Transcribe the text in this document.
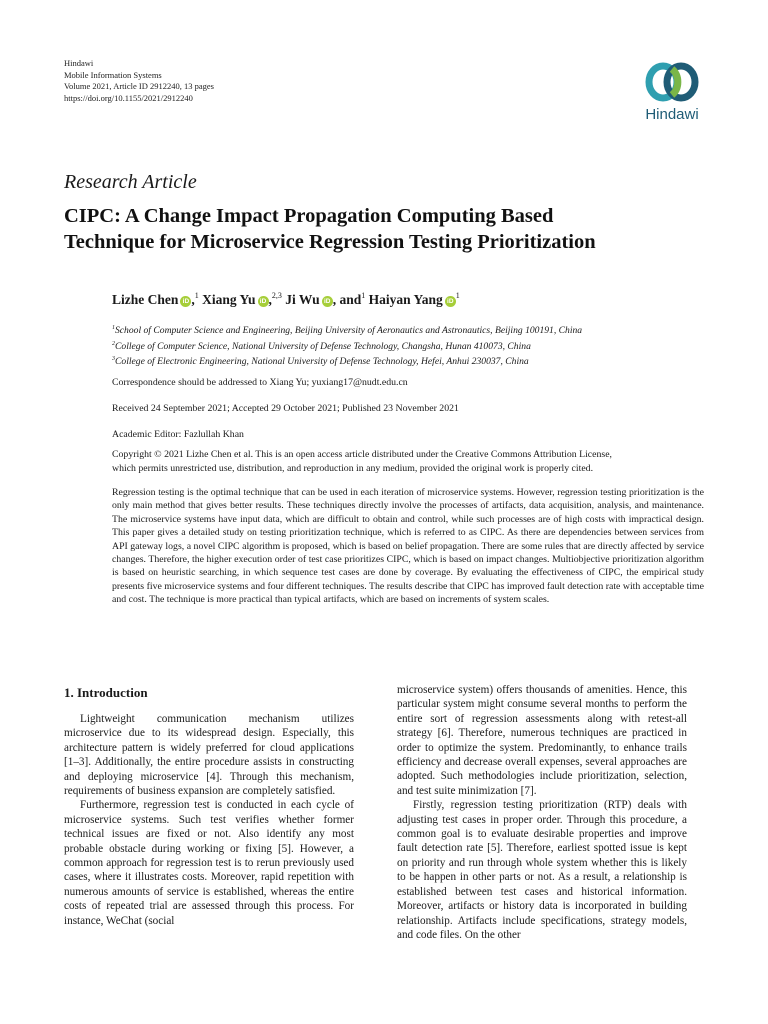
Hindawi
Mobile Information Systems
Volume 2021, Article ID 2912240, 13 pages
https://doi.org/10.1155/2021/2912240
Hindawi
Research Article
CIPC: A Change Impact Propagation Computing Based
Technique for Microservice Regression Testing Prioritization
Lizhe Chen iD ,$^1$ Xiang Yu iD ,$^{2,3}$ Ji Wu iD , and$^1$ Haiyan Yang $iD^1$
$^1$School of Computer Science and Engineering, Beijing University of Aeronautics and Astronautics, Beijing 100191, China
$^2$College of Computer Science, National University of Defense Technology, Changsha, Hunan 410073, China
$^3$College of Electronic Engineering, National University of Defense Technology, Hefei, Anhui 230037, China
Correspondence should be addressed to Xiang Yu; yuxiang17@nudt.edu.cn
Received 24 September 2021; Accepted 29 October 2021; Published 23 November 2021
Academic Editor: Fazlullah Khan
Copyright © 2021 Lizhe Chen et al. This is an open access article distributed under the Creative Commons Attribution License,
which permits unrestricted use, distribution, and reproduction in any medium, provided the original work is properly cited.
Regression testing is the optimal technique that can be used in each iteration of microservice systems. However, regression testing prioritization is the only main method that gives better results. These techniques directly involve the processes of artifacts, data acquisition, analysis, and maintenance. The microservice systems have input data, which are difficult to obtain and control, while such processes are of high costs with impractical design. This paper gives a detailed study on testing prioritization technique, which is referred to as CIPC. As there are dependencies between services from API gateway logs, a novel CIPC algorithm is proposed, which is based on belief propagation. There are some rules that are directly affected by service changes. Therefore, the higher execution order of test case prioritizes CIPC, which is based on impact changes. Multiobjective prioritization algorithm is based on heuristic searching, in which sequence test cases are done by coverage. By evaluating the effectiveness of CIPC, the empirical study presents five microservice systems and four different techniques. The results describe that CIPC has improved fault detection rate with acceptable time and cost. The technique is more practical than typical artifacts, which are based on increments of system scales.
1. Introduction

Lightweight communication mechanism utilizes microservice due to its widespread design. Especially, this architecture pattern is widely preferred for cloud applications [1–3]. Additionally, the entire procedure assists in constructing and deploying microservice [4]. Through this mechanism, requirements of business expansion are completely satisfied.

Furthermore, regression test is conducted in each cycle of microservice systems. Such test verifies whether former technical issues are fixed or not. Also identify any most probable obstacle during working or fixing [5]. However, a common approach for regression test is to rerun previously used cases, where it illustrates costs. Moreover, rapid repetition with numerous amounts of service is established, whereas the entire costs of repeated trial are assessed through this process. For instance, WeChat (social

microservice system) offers thousands of amenities. Hence, this particular system might consume several months to perform the entire sort of regression assessments along with retest-all strategy [6]. Therefore, numerous techniques are practiced in order to optimize the system. Predominantly, to enhance trails efficiency and decrease overall expenses, several approaches are adopted. Such methodologies include prioritization, selection, and test suite minimization [7].

Firstly, regression testing prioritization (RTP) deals with adjusting test cases in proper order. Through this procedure, a common goal is to evaluate desirable properties and improve fault detection rate [5]. Therefore, earliest spotted issue is kept on priority and run through whole system whether this is likely to be happen in other parts or not. As a result, a relationship is established between test cases and historical information. Moreover, artifacts or history data is incorporated in building relationship. Artifacts include specifications, strategy models, and code files. On the other
